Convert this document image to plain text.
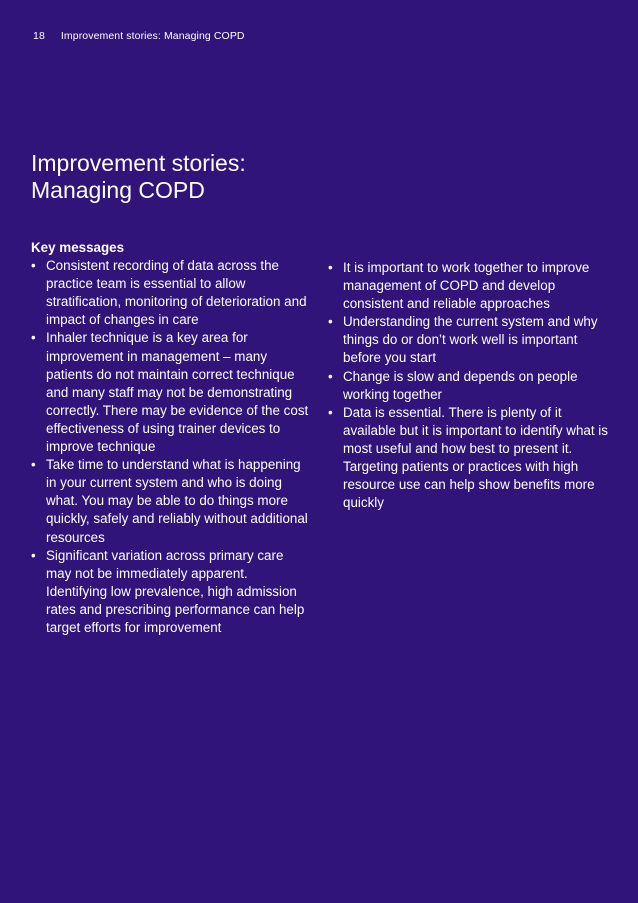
18 Improvement stories: Managing COPD
Improvement stories:
Managing COPD

Key messages

• Consistent recording of data across the practice team is essential to allow stratification, monitoring of deterioration and impact of changes in care
• Inhaler technique is a key area for improvement in management – many patients do not maintain correct technique and many staff may not be demonstrating correctly. There may be evidence of the cost effectiveness of using trainer devices to improve technique
• Take time to understand what is happening in your current system and who is doing what. You may be able to do things more quickly, safely and reliably without additional resources
• Significant variation across primary care may not be immediately apparent. Identifying low prevalence, high admission rates and prescribing performance can help target efforts for improvement
• It is important to work together to improve management of COPD and develop consistent and reliable approaches
• Understanding the current system and why things do or don’t work well is important before you start
• Change is slow and depends on people working together
• Data is essential. There is plenty of it available but it is important to identify what is most useful and how best to present it. Targeting patients or practices with high resource use can help show benefits more quickly
